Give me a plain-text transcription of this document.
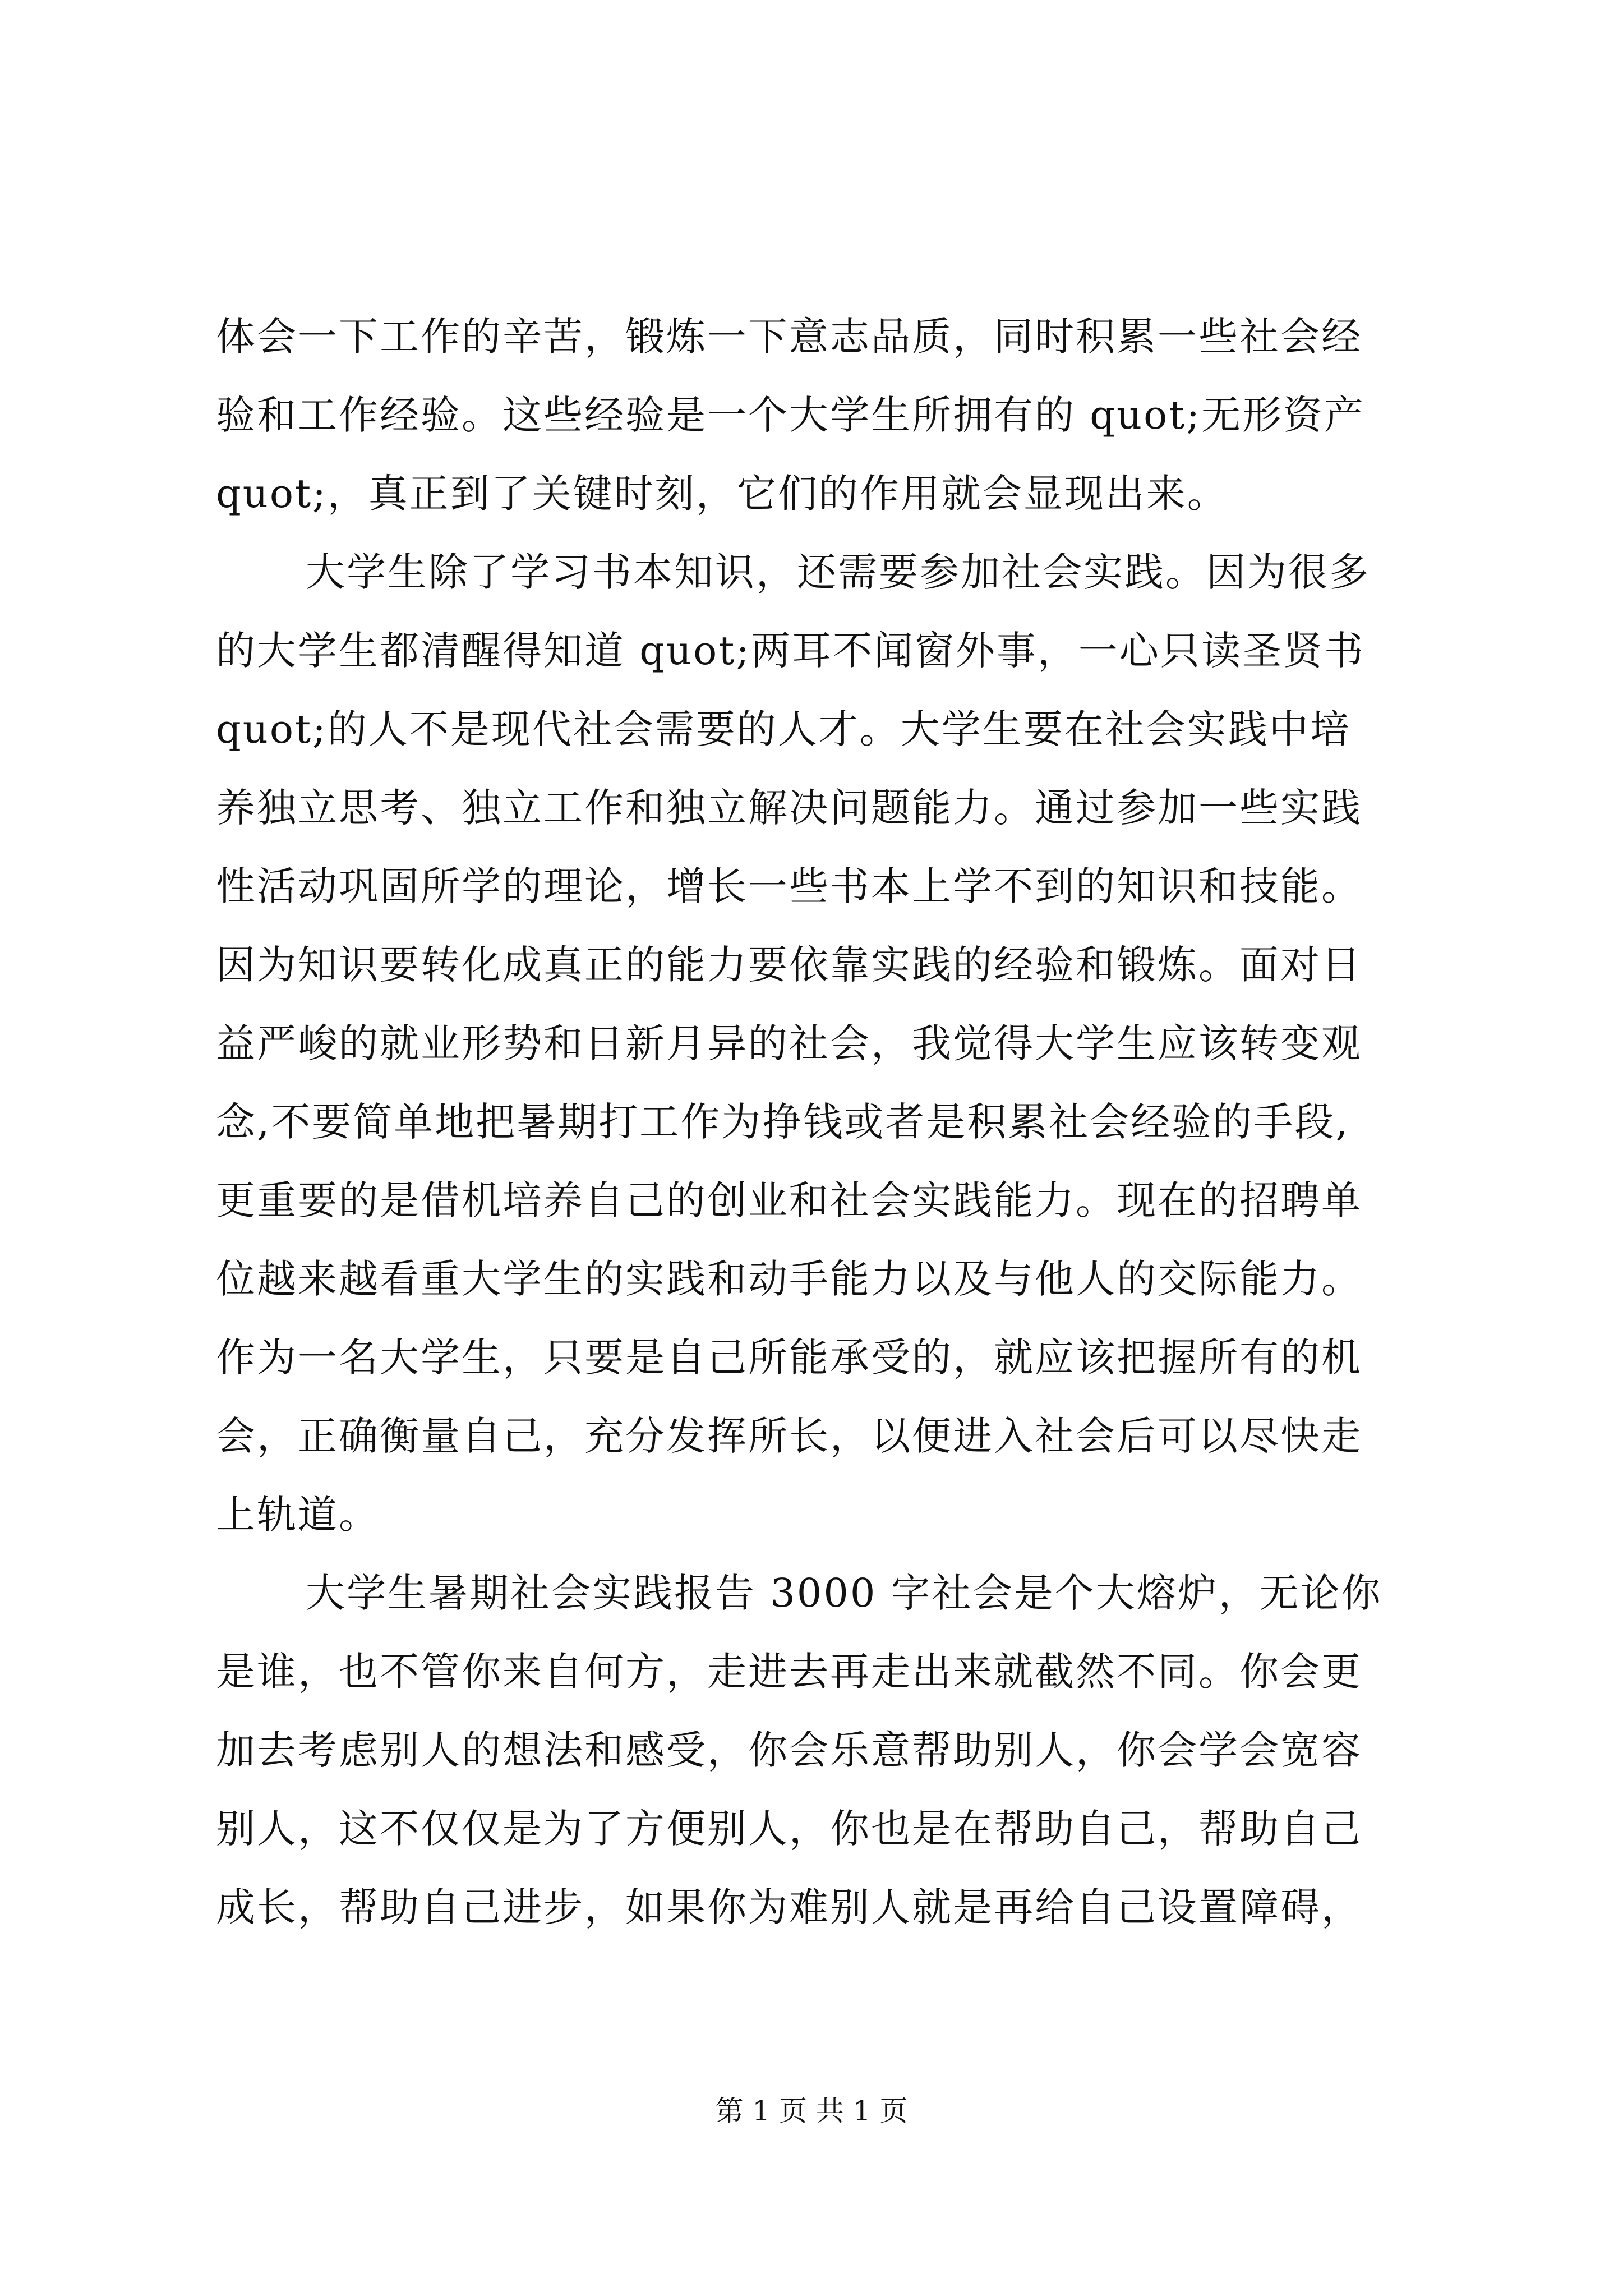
体会一下工作的辛苦，锻炼一下意志品质，同时积累一些社会经
验和工作经验。这些经验是一个大学生所拥有的 quot;无形资产
quot;，真正到了关键时刻，它们的作用就会显现出来。
大学生除了学习书本知识，还需要参加社会实践。因为很多
的大学生都清醒得知道 quot;两耳不闻窗外事，一心只读圣贤书
quot;的人不是现代社会需要的人才。大学生要在社会实践中培
养独立思考、独立工作和独立解决问题能力。通过参加一些实践
性活动巩固所学的理论，增长一些书本上学不到的知识和技能。
因为知识要转化成真正的能力要依靠实践的经验和锻炼。面对日
益严峻的就业形势和日新月异的社会，我觉得大学生应该转变观
念,不要简单地把暑期打工作为挣钱或者是积累社会经验的手段,
更重要的是借机培养自己的创业和社会实践能力。现在的招聘单
位越来越看重大学生的实践和动手能力以及与他人的交际能力。
作为一名大学生，只要是自己所能承受的，就应该把握所有的机
会，正确衡量自己，充分发挥所长，以便进入社会后可以尽快走
上轨道。
大学生暑期社会实践报告 3000 字社会是个大熔炉，无论你
是谁，也不管你来自何方，走进去再走出来就截然不同。你会更
加去考虑别人的想法和感受，你会乐意帮助别人，你会学会宽容
别人，这不仅仅是为了方便别人，你也是在帮助自己，帮助自己
成长，帮助自己进步，如果你为难别人就是再给自己设置障碍，
第 1 页 共 1 页
